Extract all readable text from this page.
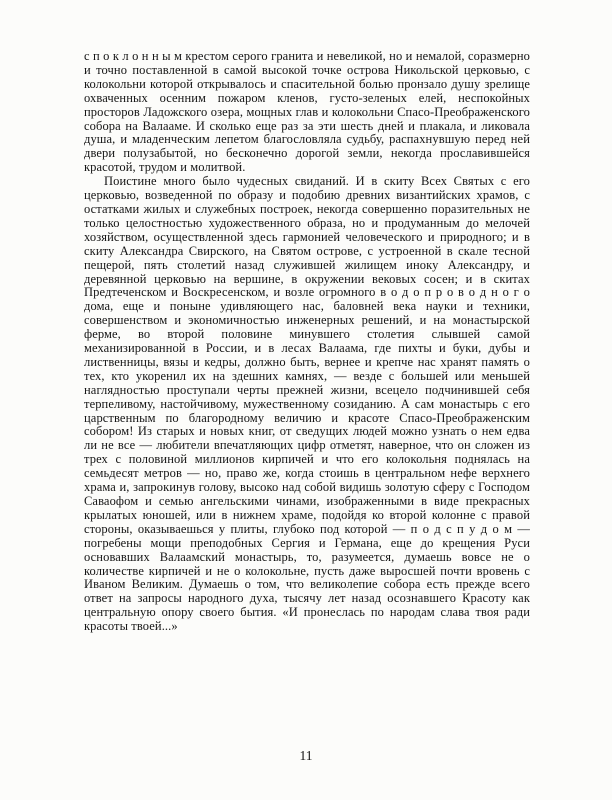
с п о к л о н н ы м крестом серого гранита и невеликой, но и немалой, соразмерно и точно поставленной в самой высокой точке острова Никольской церковью, с колокольни которой открывалось и спасительной болью пронзало душу зрелище охваченных осенним пожаром кленов, густо-зеленых елей, неспокойных просторов Ладожского озера, мощных глав и колокольни Спасо-Преображенского собора на Валааме. И сколько еще раз за эти шесть дней и плакала, и ликовала душа, и младенческим лепетом благословляла судьбу, распахнувшую перед ней двери полузабытой, но бесконечно дорогой земли, некогда прославившейся красотой, трудом и молитвой.

Поистине много было чудесных свиданий. И в скиту Всех Святых с его церковью, возведенной по образу и подобию древних византийских храмов, с остатками жилых и служебных построек, некогда совершенно поразительных не только целостностью художественного образа, но и продуманным до мелочей хозяйством, осуществленной здесь гармонией человеческого и природного; и в скиту Александра Свирского, на Святом острове, с устроенной в скале тесной пещерой, пять столетий назад служившей жилищем иноку Александру, и деревянной церковью на вершине, в окружении вековых сосен; и в скитах Предтеченском и Воскресенском, и возле огромного в о д о п р о в о д н о г о дома, еще и поныне удивляющего нас, баловней века науки и техники, совершенством и экономичностью инженерных решений, и на монастырской ферме, во второй половине минувшего столетия слывшей самой механизированной в России, и в лесах Валаама, где пихты и буки, дубы и лиственницы, вязы и кедры, должно быть, вернее и крепче нас хранят память о тех, кто укоренил их на здешних камнях, — везде с большей или меньшей наглядностью проступали черты прежней жизни, всецело подчинившей себя терпеливому, настойчивому, мужественному созиданию. А сам монастырь с его царственным по благородному величию и красоте Спасо-Преображенским собором! Из старых и новых книг, от сведущих людей можно узнать о нем едва ли не все — любители впечатляющих цифр отметят, наверное, что он сложен из трех с половиной миллионов кирпичей и что его колокольня поднялась на семьдесят метров — но, право же, когда стоишь в центральном нефе верхнего храма и, запрокинув голову, высоко над собой видишь золотую сферу с Господом Саваофом и семью ангельскими чинами, изображенными в виде прекрасных крылатых юношей, или в нижнем храме, подойдя ко второй колонне с правой стороны, оказываешься у плиты, глубоко под которой — п о д с п у д о м — погребены мощи преподобных Сергия и Германа, еще до крещения Руси основавших Валаамский монастырь, то, разумеется, думаешь вовсе не о количестве кирпичей и не о колокольне, пусть даже выросшей почти вровень с Иваном Великим. Думаешь о том, что великолепие собора есть прежде всего ответ на запросы народного духа, тысячу лет назад осознавшего Красоту как центральную опору своего бытия. «И пронеслась по народам слава твоя ради красоты твоей...»

11
